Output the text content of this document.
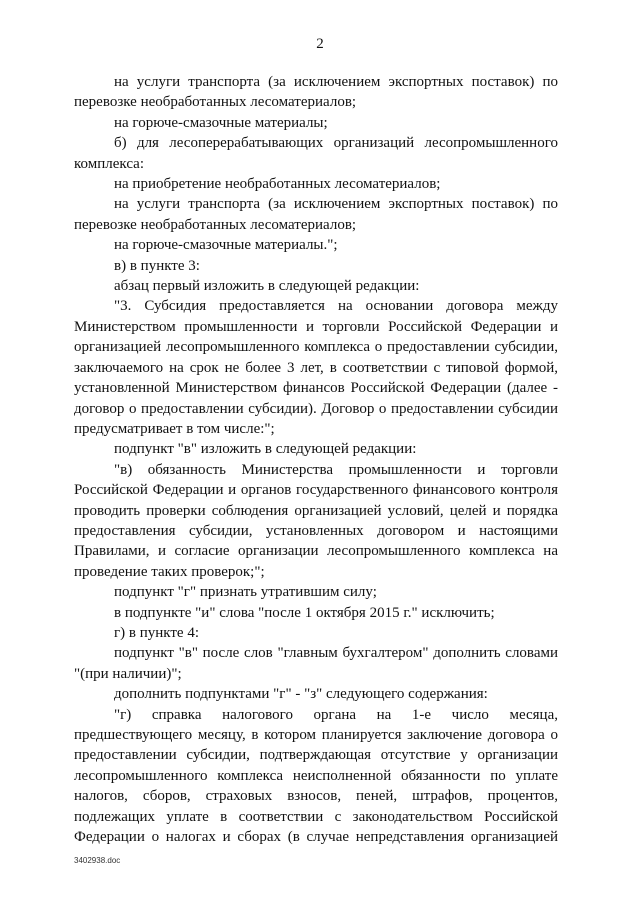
2

на услуги транспорта (за исключением экспортных поставок) по перевозке необработанных лесоматериалов;

на горюче-смазочные материалы;

б) для лесоперерабатывающих организаций лесопромышленного комплекса:

на приобретение необработанных лесоматериалов;

на услуги транспорта (за исключением экспортных поставок) по перевозке необработанных лесоматериалов;

на горюче-смазочные материалы.";

в) в пункте 3:

абзац первый изложить в следующей редакции:

"3. Субсидия предоставляется на основании договора между Министерством промышленности и торговли Российской Федерации и организацией лесопромышленного комплекса о предоставлении субсидии, заключаемого на срок не более 3 лет, в соответствии с типовой формой, установленной Министерством финансов Российской Федерации (далее - договор о предоставлении субсидии). Договор о предоставлении субсидии предусматривает в том числе:";

подпункт "в" изложить в следующей редакции:

"в) обязанность Министерства промышленности и торговли Российской Федерации и органов государственного финансового контроля проводить проверки соблюдения организацией условий, целей и порядка предоставления субсидии, установленных договором и настоящими Правилами, и согласие организации лесопромышленного комплекса на проведение таких проверок;";

подпункт "г" признать утратившим силу;

в подпункте "и" слова "после 1 октября 2015 г." исключить;

г) в пункте 4:

подпункт "в" после слов "главным бухгалтером" дополнить словами "(при наличии)";

дополнить подпунктами "г" - "з" следующего содержания:

"г) справка налогового органа на 1-е число месяца, предшествующего месяцу, в котором планируется заключение договора о предоставлении субсидии, подтверждающая отсутствие у организации лесопромышленного комплекса неисполненной обязанности по уплате налогов, сборов, страховых взносов, пеней, штрафов, процентов, подлежащих уплате в соответствии с законодательством Российской Федерации о налогах и сборах (в случае непредставления организацией

3402938.doc
